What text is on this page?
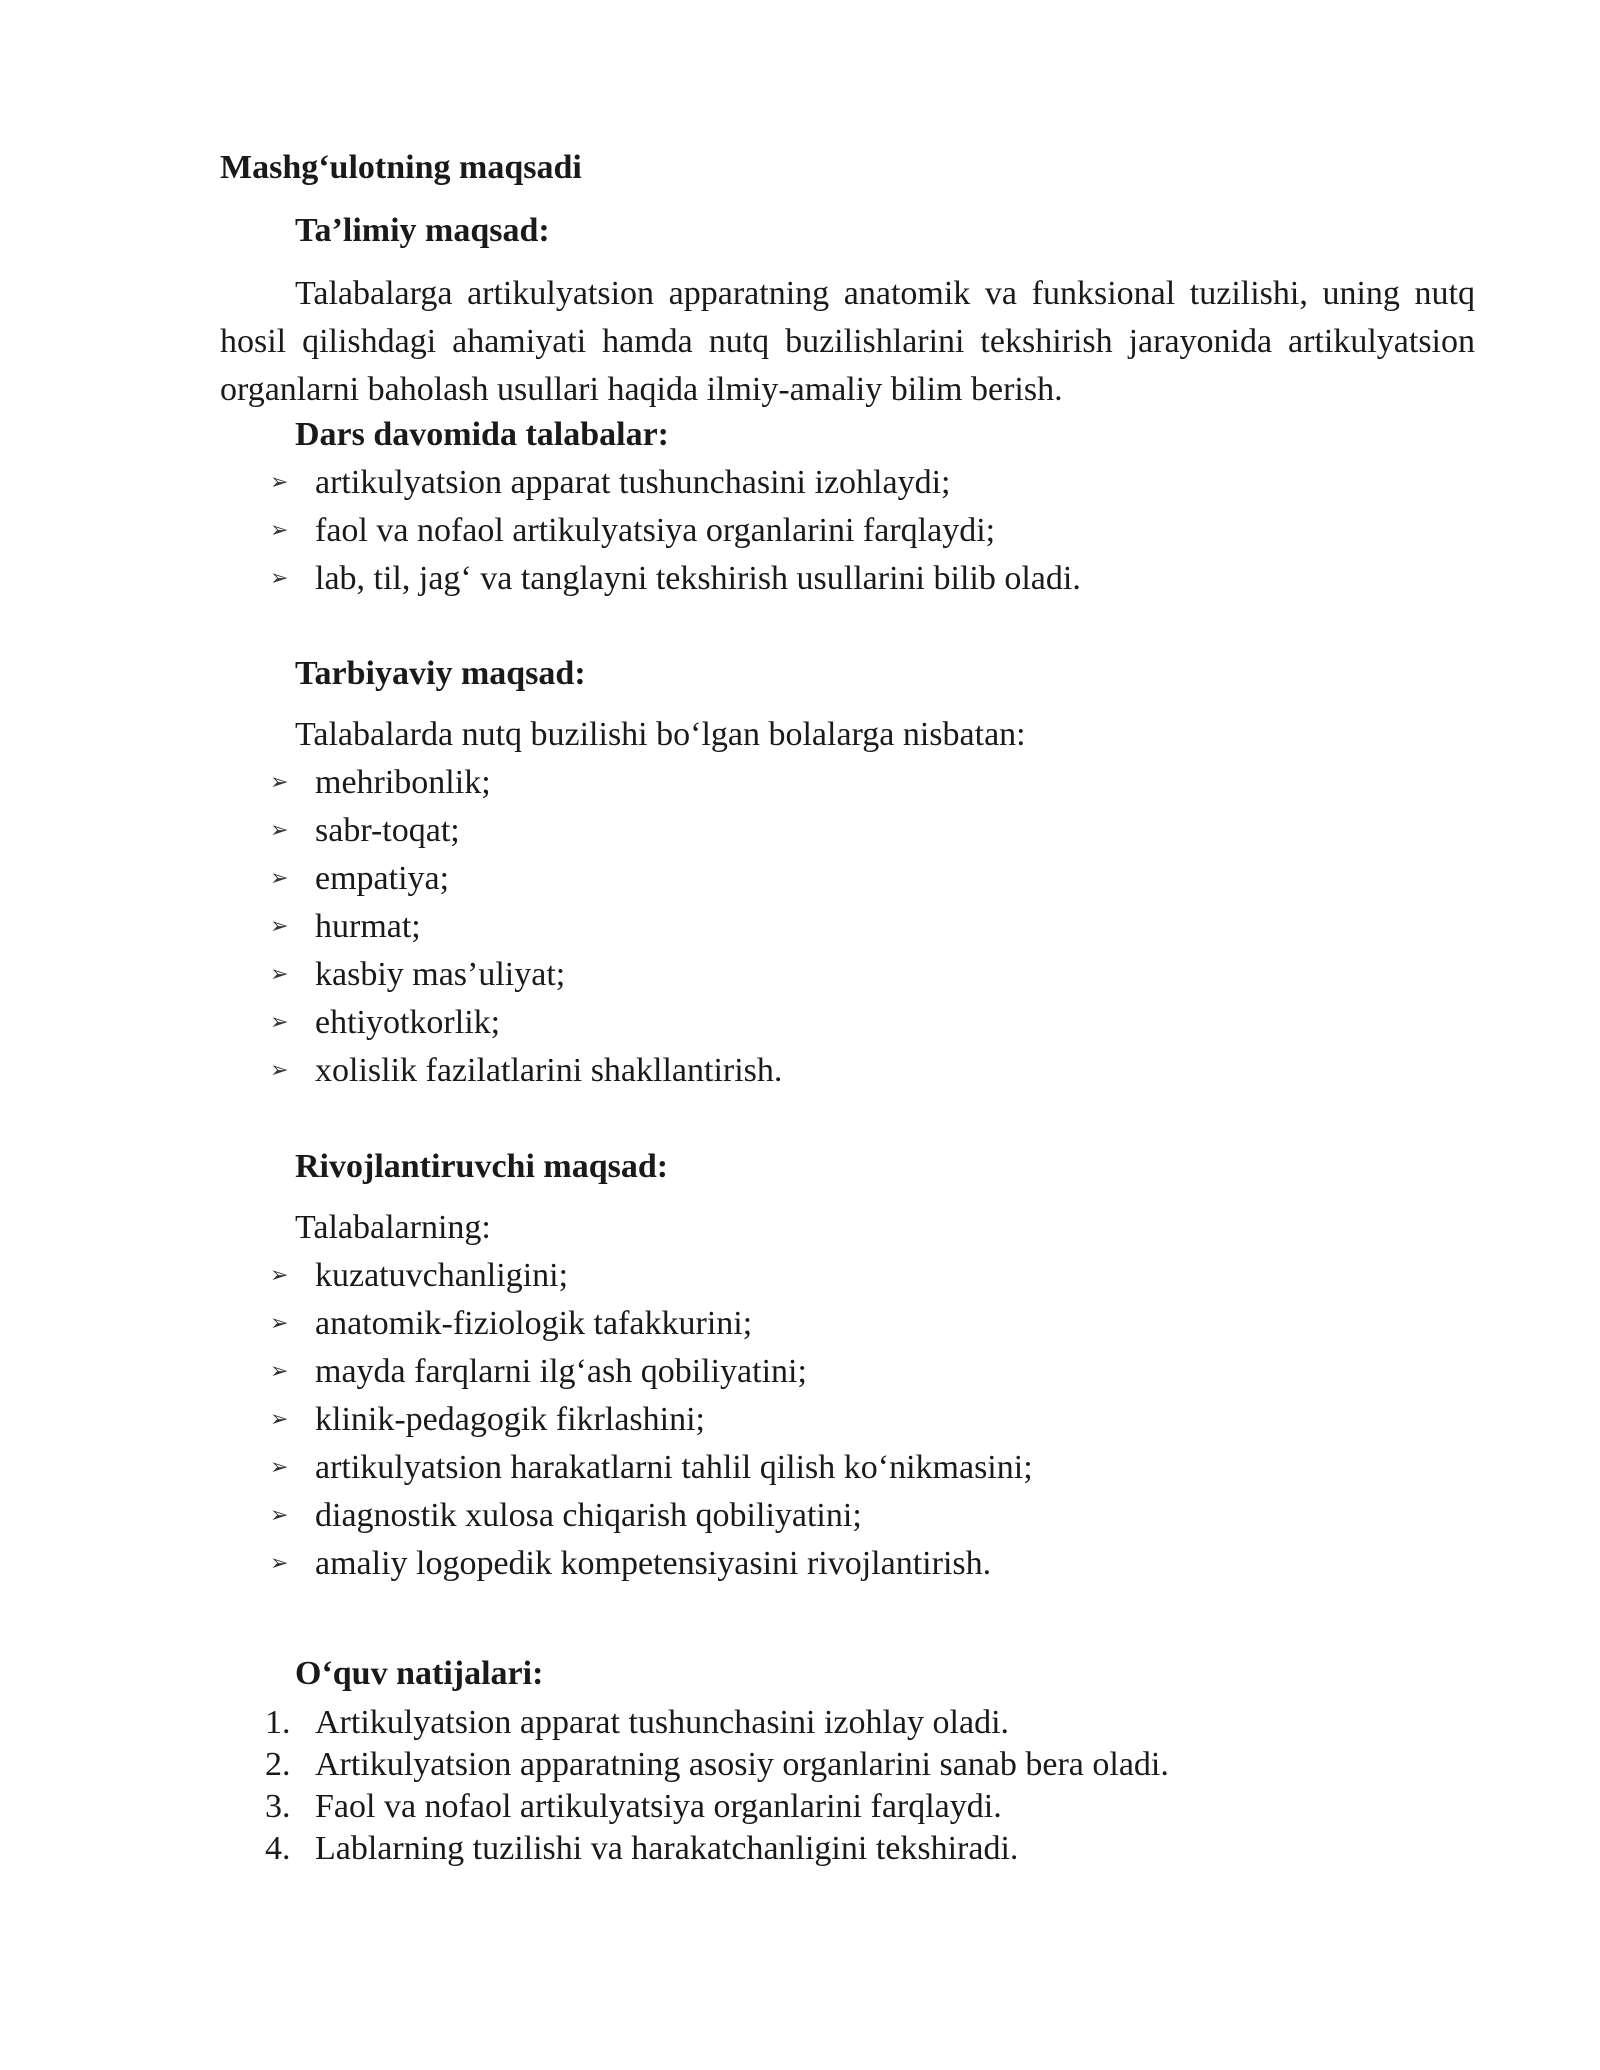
Mashg‘ulotning maqsadi
Ta’limiy maqsad:

Talabalarga artikulyatsion apparatning anatomik va funksional tuzilishi, uning nutq hosil qilishdagi ahamiyati hamda nutq buzilishlarini tekshirish jarayonida artikulyatsion organlarni baholash usullari haqida ilmiy-amaliy bilim berish.

Dars davomida talabalar:
➢ artikulyatsion apparat tushunchasini izohlaydi;
➢ faol va nofaol artikulyatsiya organlarini farqlaydi;
➢ lab, til, jag‘ va tanglayni tekshirish usullarini bilib oladi.
Tarbiyaviy maqsad:
Talabalarda nutq buzilishi bo‘lgan bolalarga nisbatan:
➢ mehribonlik;
➢ sabr-toqat;
➢ empatiya;
➢ hurmat;
➢ kasbiy mas’uliyat;
➢ ehtiyotkorlik;
➢ xolislik fazilatlarini shakllantirish.
Rivojlantiruvchi maqsad:
Talabalarning:
➢ kuzatuvchanligini;
➢ anatomik-fiziologik tafakkurini;
➢ mayda farqlarni ilg‘ash qobiliyatini;
➢ klinik-pedagogik fikrlashini;
➢ artikulyatsion harakatlarni tahlil qilish ko‘nikmasini;
➢ diagnostik xulosa chiqarish qobiliyatini;
➢ amaliy logopedik kompetensiyasini rivojlantirish.
O‘quv natijalari:
1. Artikulyatsion apparat tushunchasini izohlay oladi.
2. Artikulyatsion apparatning asosiy organlarini sanab bera oladi.
3. Faol va nofaol artikulyatsiya organlarini farqlaydi.
4. Lablarning tuzilishi va harakatchanligini tekshiradi.
